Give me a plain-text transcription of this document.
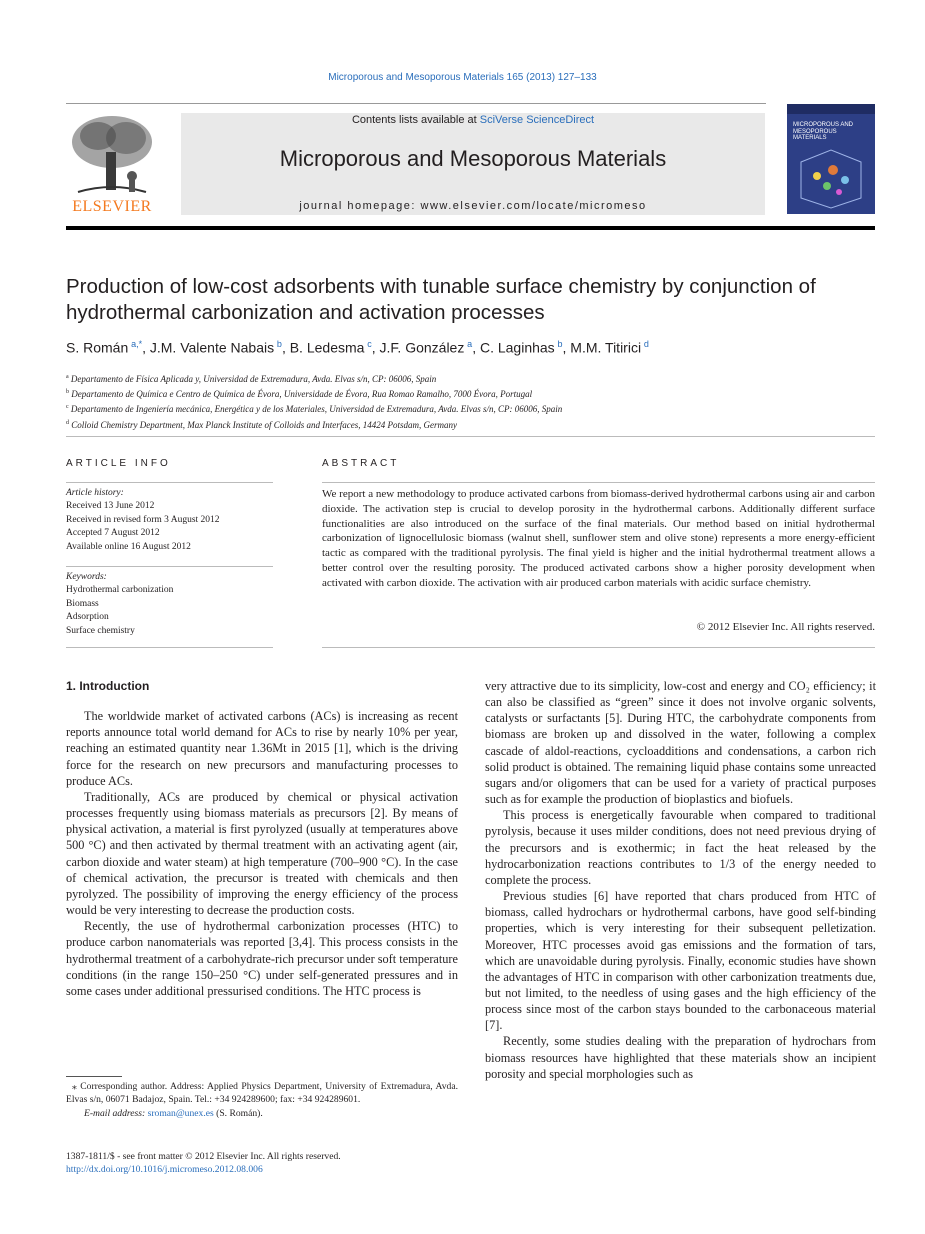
Microporous and Mesoporous Materials 165 (2013) 127–133
ELSEVIER
Contents lists available at SciVerse ScienceDirect
Microporous and Mesoporous Materials
journal homepage: www.elsevier.com/locate/micromeso
MICROPOROUS AND MESOPOROUS MATERIALS
Production of low-cost adsorbents with tunable surface chemistry by conjunction of hydrothermal carbonization and activation processes
S. Román  $^{a,*}$, J.M. Valente Nabais  $^b$, B. Ledesma  $^c$, J.F. González  $^a$, C. Laginhas  $^b$, M.M. Titirici  $^d$
$^a$ Departamento de Física Aplicada y, Universidad de Extremadura, Avda. Elvas s/n, CP: 06006, Spain
$^b$ Departamento de Química e Centro de Química de Évora, Universidade de Évora, Rua Romao Ramalho, 7000 Évora, Portugal
$^c$ Departamento de Ingeniería mecánica, Energética y de los Materiales, Universidad de Extremadura, Avda. Elvas s/n, CP: 06006, Spain
$^d$ Colloid Chemistry Department, Max Planck Institute of Colloids and Interfaces, 14424 Potsdam, Germany
ARTICLE INFO	ABSTRACT
Article history:
Received 13 June 2012
Received in revised form 3 August 2012
Accepted 7 August 2012
Available online 16 August 2012
Keywords:
Hydrothermal carbonization
Biomass
Adsorption
Surface chemistry
We report a new methodology to produce activated carbons from biomass-derived hydrothermal carbons using air and carbon dioxide. The activation step is crucial to develop porosity in the hydrothermal carbons. Additionally different surface functionalities are also introduced on the surface of the final materials. Our method based on initial hydrothermal carbonization of lignocellulosic biomass (walnut shell, sunflower stem and olive stone) represents a more energy-efficient tactic as compared with the traditional pyrolysis. The final yield is higher and the initial hydrothermal treatment allows a better control over the resulting porosity. The produced activated carbons show a higher porosity development when activated with carbon dioxide. The activation with air produced carbon materials with acidic surface chemistry.
© 2012 Elsevier Inc. All rights reserved.
1. Introduction

The worldwide market of activated carbons (ACs) is increasing as recent reports announce total world demand for ACs to rise by nearly 10% per year, reaching an estimated quantity near 1.36Mt in 2015 [1], which is the driving force for the research on new precursors and manufacturing processes to produce ACs.

Traditionally, ACs are produced by chemical or physical activation processes frequently using biomass materials as precursors [2]. By means of physical activation, a material is first pyrolyzed (usually at temperatures above 500 °C) and then activated by thermal treatment with an activating agent (air, carbon dioxide and water steam) at high temperature (700–900 °C). In the case of chemical activation, the precursor is treated with chemicals and then pyrolyzed. The possibility of improving the energy efficiency of the process would be very interesting to decrease the production costs.

Recently, the use of hydrothermal carbonization processes (HTC) to produce carbon nanomaterials was reported [3,4]. This process consists in the hydrothermal treatment of a carbohydrate-rich precursor under soft temperature conditions (in the range 150–250 °C) under self-generated pressures and in some cases under additional pressurised conditions. The HTC process is

very attractive due to its simplicity, low-cost and energy and CO₂ efficiency; it can also be classified as “green” since it does not involve organic solvents, catalysts or surfactants [5]. During HTC, the carbohydrate components from biomass are broken up and dissolved in the water, following a complex cascade of aldol-reactions, cycloadditions and condensations, a carbon rich solid product is obtained. The remaining liquid phase contains some unreacted sugars and/or oligomers that can be used for a variety of practical purposes such as for example the production of bioplastics and biofuels.

This process is energetically favourable when compared to traditional pyrolysis, because it uses milder conditions, does not need previous drying of the precursors and is exothermic; in fact the heat released by the hydrocarbonization reactions contributes to 1/3 of the energy needed to complete the process.

Previous studies [6] have reported that chars produced from HTC of biomass, called hydrochars or hydrothermal carbons, have good self-binding properties, which is very interesting for their subsequent pelletization. Moreover, HTC processes avoid gas emissions and the formation of tars, which are unavoidable during pyrolysis. Finally, economic studies have shown the advantages of HTC in comparison with other carbonization treatments due, but not limited, to the needless of using gases and the high efficiency of the process since most of the carbon stays bounded to the carbonaceous material [7].

Recently, some studies dealing with the preparation of hydrochars from biomass resources have highlighted that these materials show an incipient porosity and special morphologies such as

⁎ Corresponding author. Address: Applied Physics Department, University of Extremadura, Avda. Elvas s/n, 06071 Badajoz, Spain. Tel.: +34 924289600; fax: +34 924289601.

E-mail address: sroman@unex.es (S. Román).

1387-1811/$ - see front matter © 2012 Elsevier Inc. All rights reserved.
http://dx.doi.org/10.1016/j.micromeso.2012.08.006
